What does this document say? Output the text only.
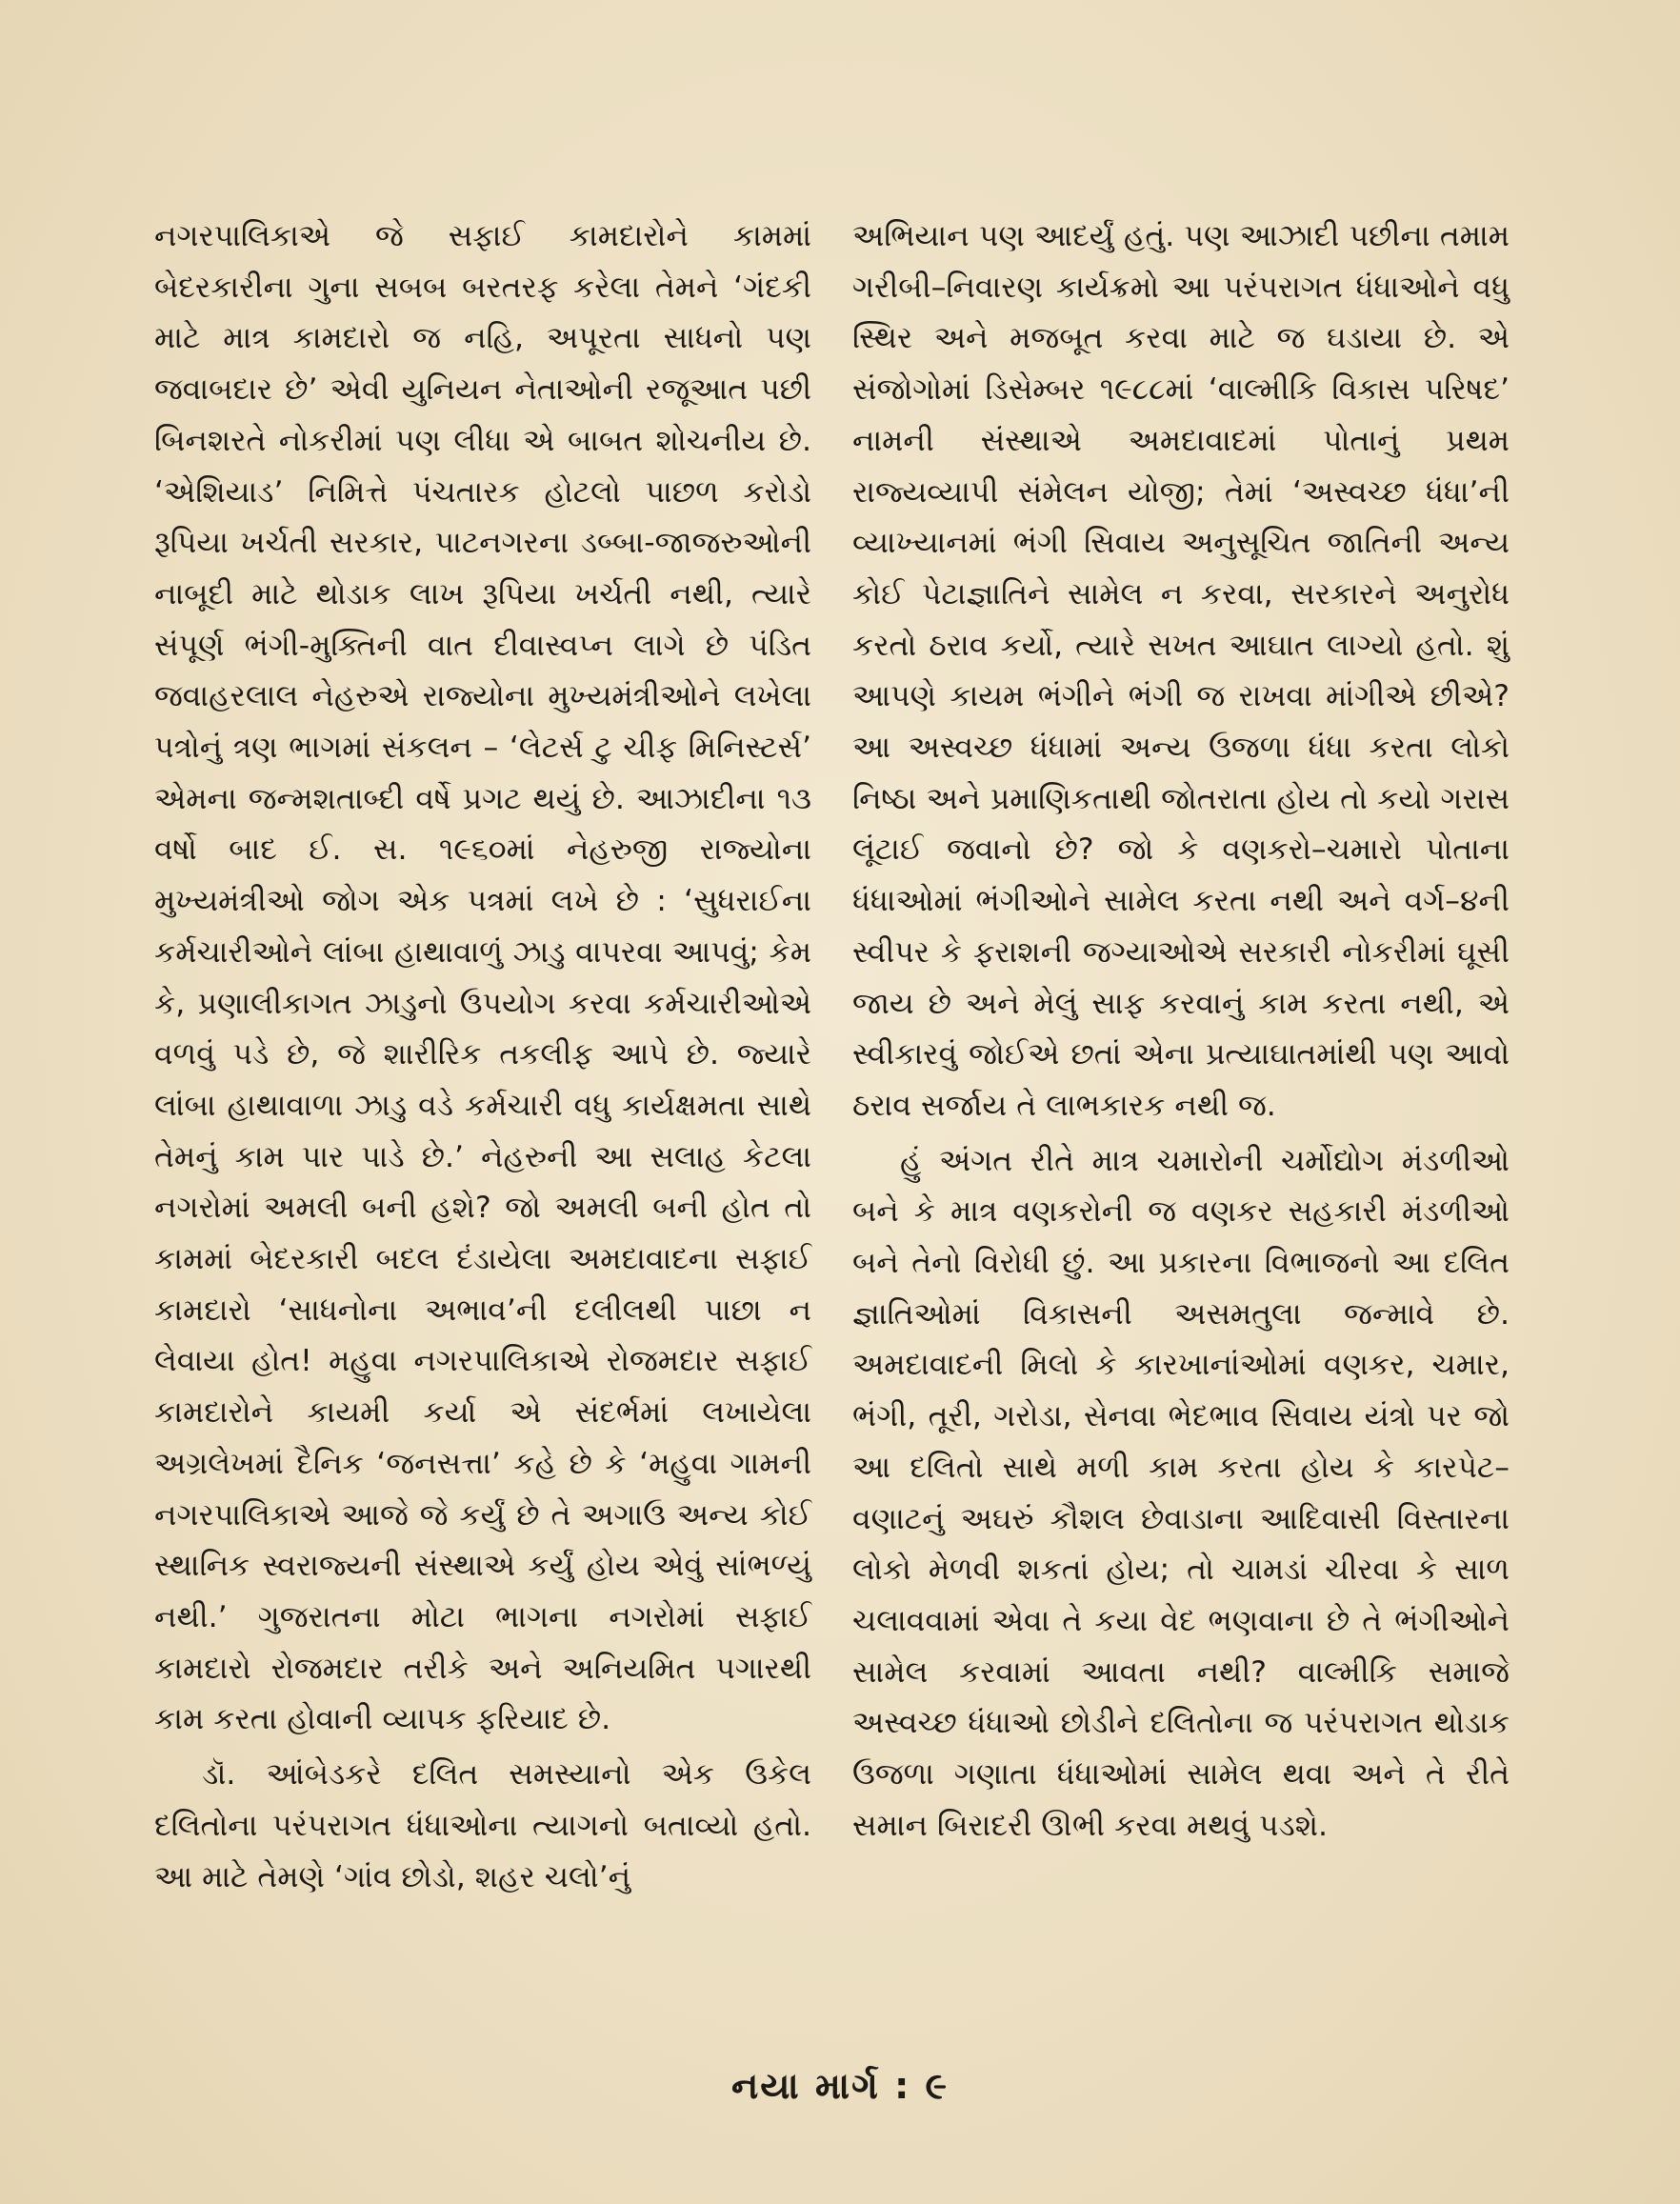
નગરપાલિકાએ જે સફાઈ કામદારોને કામમાં બેદરકારીના ગુના સબબ બરતરફ કરેલા તેમને ‘ગંદકી માટે માત્ર કામદારો જ નહિ, અપૂરતા સાધનો પણ જવાબદાર છે’ એવી યુનિયન નેતાઓની રજૂઆત પછી બિનશરતે નોકરીમાં પણ લીધા એ બાબત શોચનીય છે. ‘એશિયાડ’ નિમિત્તે પંચતારક હોટલો પાછળ કરોડો રૂપિયા ખર્ચતી સરકાર, પાટનગરના ડબ્બા-જાજરુઓની નાબૂદી માટે થોડાક લાખ રૂપિયા ખર્ચતી નથી, ત્યારે સંપૂર્ણ ભંગી-મુક્તિની વાત દીવાસ્વપ્ન લાગે છે પંડિત જવાહરલાલ નેહરુએ રાજ્યોના મુખ્યમંત્રીઓને લખેલા પત્રોનું ત્રણ ભાગમાં સંકલન – ‘લેટર્સ ટુ ચીફ મિનિસ્ટર્સ’ એમના જન્મશતાબ્દી વર્ષે પ્રગટ થયું છે. આઝાદીના ૧૩ વર્ષો બાદ ઈ. સ. ૧૯૬૦માં નેહરુજી રાજ્યોના મુખ્યમંત્રીઓ જોગ એક પત્રમાં લખે છે : ‘સુધરાઈના કર્મચારીઓને લાંબા હાથાવાળું ઝાડુ વાપરવા આપવું; કેમ કે, પ્રણાલીકાગત ઝાડુનો ઉપયોગ કરવા કર્મચારીઓએ વળવું પડે છે, જે શારીરિક તકલીફ આપે છે. જ્યારે લાંબા હાથાવાળા ઝાડુ વડે કર્મચારી વધુ કાર્યક્ષમતા સાથે તેમનું કામ પાર પાડે છે.’ નેહરુની આ સલાહ કેટલા નગરોમાં અમલી બની હશે? જો અમલી બની હોત તો કામમાં બેદરકારી બદલ દંડાયેલા અમદાવાદના સફાઈ કામદારો ‘સાધનોના અભાવ’ની દલીલથી પાછા ન લેવાયા હોત! મહુવા નગરપાલિકાએ રોજમદાર સફાઈ કામદારોને કાયમી કર્યા એ સંદર્ભમાં લખાયેલા અગ્રલેખમાં દૈનિક ‘જનસત્તા’ કહે છે કે ‘મહુવા ગામની નગરપાલિકાએ આજે જે કર્યું છે તે અગાઉ અન્ય કોઈ સ્થાનિક સ્વરાજ્યની સંસ્થાએ કર્યું હોય એવું સાંભળ્યું નથી.’ ગુજરાતના મોટા ભાગના નગરોમાં સફાઈ કામદારો રોજમદાર તરીકે અને અનિયમિત પગારથી કામ કરતા હોવાની વ્યાપક ફરિયાદ છે.

ડૉ. આંબેડકરે દલિત સમસ્યાનો એક ઉકેલ દલિતોના પરંપરાગત ધંધાઓના ત્યાગનો બતાવ્યો હતો. આ માટે તેમણે ‘ગાંવ છોડો, શહર ચલો’નું

અભિયાન પણ આદર્યું હતું. પણ આઝાદી પછીના તમામ ગરીબી–નિવારણ કાર્યક્રમો આ પરંપરાગત ધંધાઓને વધુ સ્થિર અને મજબૂત કરવા માટે જ ઘડાયા છે. એ સંજોગોમાં ડિસેમ્બર ૧૯૮૮માં ‘વાલ્મીકિ વિકાસ પરિષદ’ નામની સંસ્થાએ અમદાવાદમાં પોતાનું પ્રથમ રાજ્યવ્યાપી સંમેલન યોજી; તેમાં ‘અસ્વચ્છ ધંધા’ની વ્યાખ્યાનમાં ભંગી સિવાય અનુસૂચિત જાતિની અન્ય કોઈ પેટાજ્ઞાતિને સામેલ ન કરવા, સરકારને અનુરોધ કરતો ઠરાવ કર્યો, ત્યારે સખત આઘાત લાગ્યો હતો. શું આપણે કાયમ ભંગીને ભંગી જ રાખવા માંગીએ છીએ? આ અસ્વચ્છ ધંધામાં અન્ય ઉજળા ધંધા કરતા લોકો નિષ્ઠા અને પ્રમાણિકતાથી જોતરાતા હોય તો કયો ગરાસ લૂંટાઈ જવાનો છે? જો કે વણકરો–ચમારો પોતાના ધંધાઓમાં ભંગીઓને સામેલ કરતા નથી અને વર્ગ–૪ની સ્વીપર કે ફરાશની જગ્યાઓએ સરકારી નોકરીમાં ઘૂસી જાય છે અને મેલું સાફ કરવાનું કામ કરતા નથી, એ સ્વીકારવું જોઈએ છતાં એના પ્રત્યાઘાતમાંથી પણ આવો ઠરાવ સર્જાય તે લાભકારક નથી જ.

હું અંગત રીતે માત્ર ચમારોની ચર્મોદ્યોગ મંડળીઓ બને કે માત્ર વણકરોની જ વણકર સહકારી મંડળીઓ બને તેનો વિરોધી છું. આ પ્રકારના વિભાજનો આ દલિત જ્ઞાતિઓમાં વિકાસની અસમતુલા જન્માવે છે. અમદાવાદની મિલો કે કારખાનાંઓમાં વણકર, ચમાર, ભંગી, તૂરી, ગરોડા, સેનવા ભેદભાવ સિવાય યંત્રો પર જો આ દલિતો સાથે મળી કામ કરતા હોય કે કારપેટ–વણાટનું અઘરું કૌશલ છેવાડાના આદિવાસી વિસ્તારના લોકો મેળવી શકતાં હોય; તો ચામડાં ચીરવા કે સાળ ચલાવવામાં એવા તે કયા વેદ ભણવાના છે તે ભંગીઓને સામેલ કરવામાં આવતા નથી? વાલ્મીકિ સમાજે અસ્વચ્છ ધંધાઓ છોડીને દલિતોના જ પરંપરાગત થોડાક ઉજળા ગણાતા ધંધાઓમાં સામેલ થવા અને તે રીતે સમાન બિરાદરી ઊભી કરવા મથવું પડશે.

નયા માર્ગ : ૯
